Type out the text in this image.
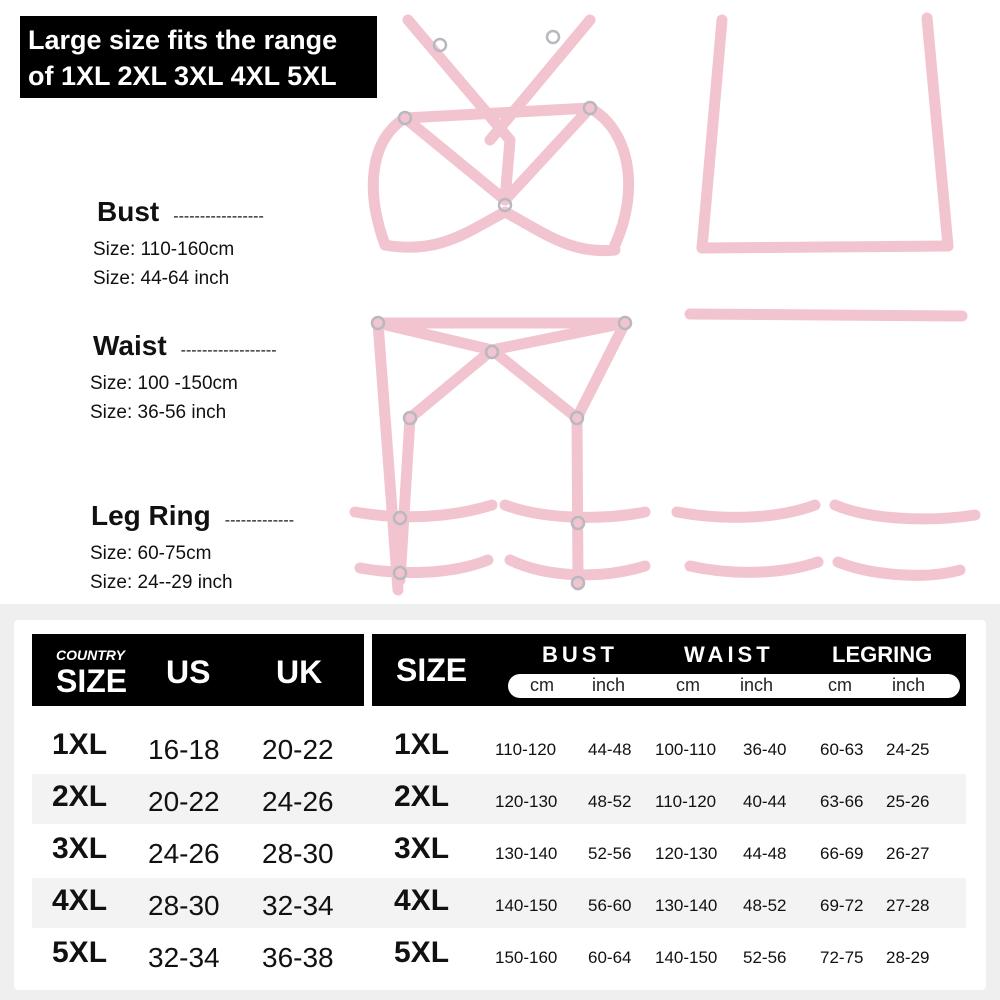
Large size fits the range
of 1XL 2XL 3XL 4XL 5XL
Bust -----------------
Size: 110-160cm
Size: 44-64 inch
Waist ------------------
Size: 100 -150cm
Size: 36-56 inch
Leg Ring -------------
Size: 60-75cm
Size: 24--29 inch
COUNTRY
SIZE US UK SIZE	BUST	WAIST	LEGRING
cm inch	cm inch	cm inch
1XL 16-18 20-22 1XL	110-120 44-48 100-110 36-40 60-63 24-25
2XL 20-22 24-26 2XL	120-130 48-52 110-120 40-44 63-66 25-26
3XL 24-26 28-30 3XL	130-140 52-56 120-130 44-48 66-69 26-27
4XL 28-30 32-34 4XL	140-150 56-60 130-140 48-52 69-72 27-28
5XL 32-34 36-38 5XL	150-160 60-64 140-150 52-56 72-75 28-29
